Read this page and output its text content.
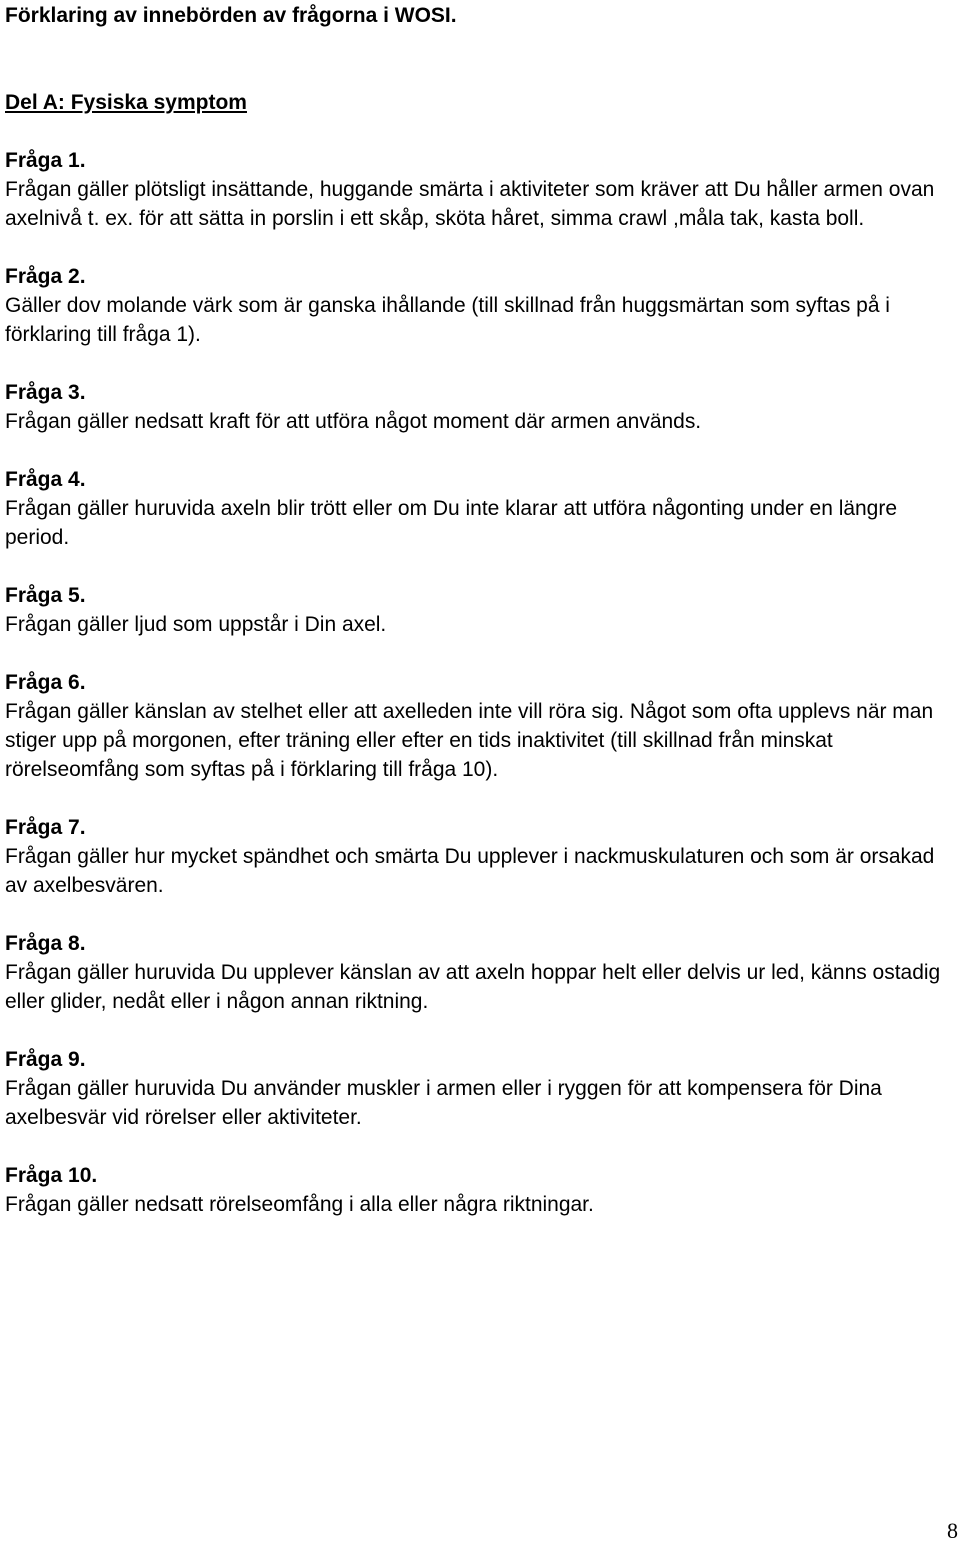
Förklaring av innebörden av frågorna i WOSI.
Del A: Fysiska symptom

Fråga 1.

Frågan gäller plötsligt insättande, huggande smärta i aktiviteter som kräver att Du håller armen ovan axelnivå t. ex. för att sätta in porslin i ett skåp, sköta håret, simma crawl ,måla tak, kasta boll.

Fråga 2.

Gäller dov molande värk som är ganska ihållande (till skillnad från huggsmärtan som syftas på i förklaring till fråga 1).

Fråga 3.

Frågan gäller nedsatt kraft för att utföra något moment där armen används.

Fråga 4.

Frågan gäller huruvida axeln blir trött eller om Du inte klarar att utföra någonting under en längre period.

Fråga 5.

Frågan gäller ljud som uppstår i Din axel.

Fråga 6.

Frågan gäller känslan av stelhet eller att axelleden inte vill röra sig. Något som ofta upplevs när man stiger upp på morgonen, efter träning eller efter en tids inaktivitet (till skillnad från minskat rörelseomfång som syftas på i förklaring till fråga 10).

Fråga 7.

Frågan gäller hur mycket spändhet och smärta Du upplever i nackmuskulaturen och som är orsakad av axelbesvären.

Fråga 8.

Frågan gäller huruvida Du upplever känslan av att axeln hoppar helt eller delvis ur led, känns ostadig eller glider, nedåt eller i någon annan riktning.

Fråga 9.

Frågan gäller huruvida Du använder muskler i armen eller i ryggen för att kompensera för Dina axelbesvär vid rörelser eller aktiviteter.

Fråga 10.

Frågan gäller nedsatt rörelseomfång i alla eller några riktningar.

8
